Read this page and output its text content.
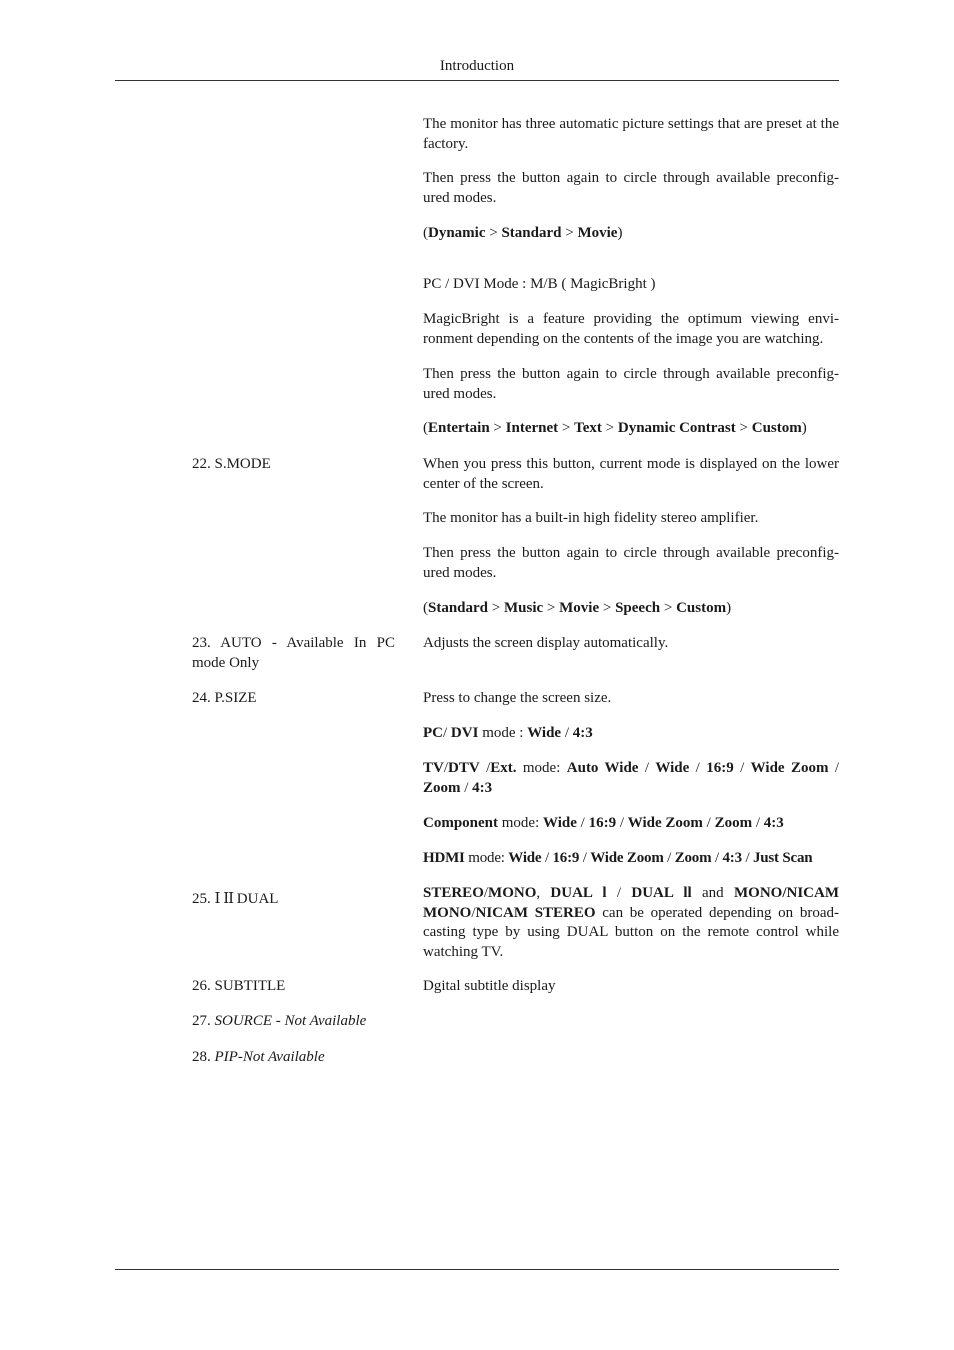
Introduction
The monitor has three automatic picture settings that are preset at the factory.
Then press the button again to circle through available preconfig- ured modes.
(Dynamic > Standard > Movie)
PC / DVI Mode : M/B ( MagicBright )
MagicBright is a feature providing the optimum viewing envi- ronment depending on the contents of the image you are watching.
Then press the button again to circle through available preconfig- ured modes.
(Entertain > Internet > Text > Dynamic Contrast > Custom)
22. S.MODE	When you press this button, current mode is displayed on the lower center of the screen.
The monitor has a built-in high fidelity stereo amplifier.
Then press the button again to circle through available preconfig- ured modes.
(Standard > Music > Movie > Speech > Custom)
23. AUTO - Available In PC mode Only
Adjusts the screen display automatically.
24. P.SIZE	Press to change the screen size.
PC/ DVI mode : Wide / 4:3
TV/DTV /Ext. mode: Auto Wide / Wide / 16:9 / Wide Zoom / Zoom / 4:3
Component mode: Wide / 16:9 / Wide Zoom / Zoom / 4:3
HDMI mode: Wide / 16:9 / Wide Zoom / Zoom / 4:3 / Just Scan
25. I II DUAL	STEREO/MONO, DUAL l / DUAL ll and MONO/NICAM MONO/NICAM STEREO can be operated depending on broad- casting type by using DUAL button on the remote control while watching TV.
26. SUBTITLE	Dgital subtitle display
27. SOURCE - Not Available
28. PIP-Not Available
